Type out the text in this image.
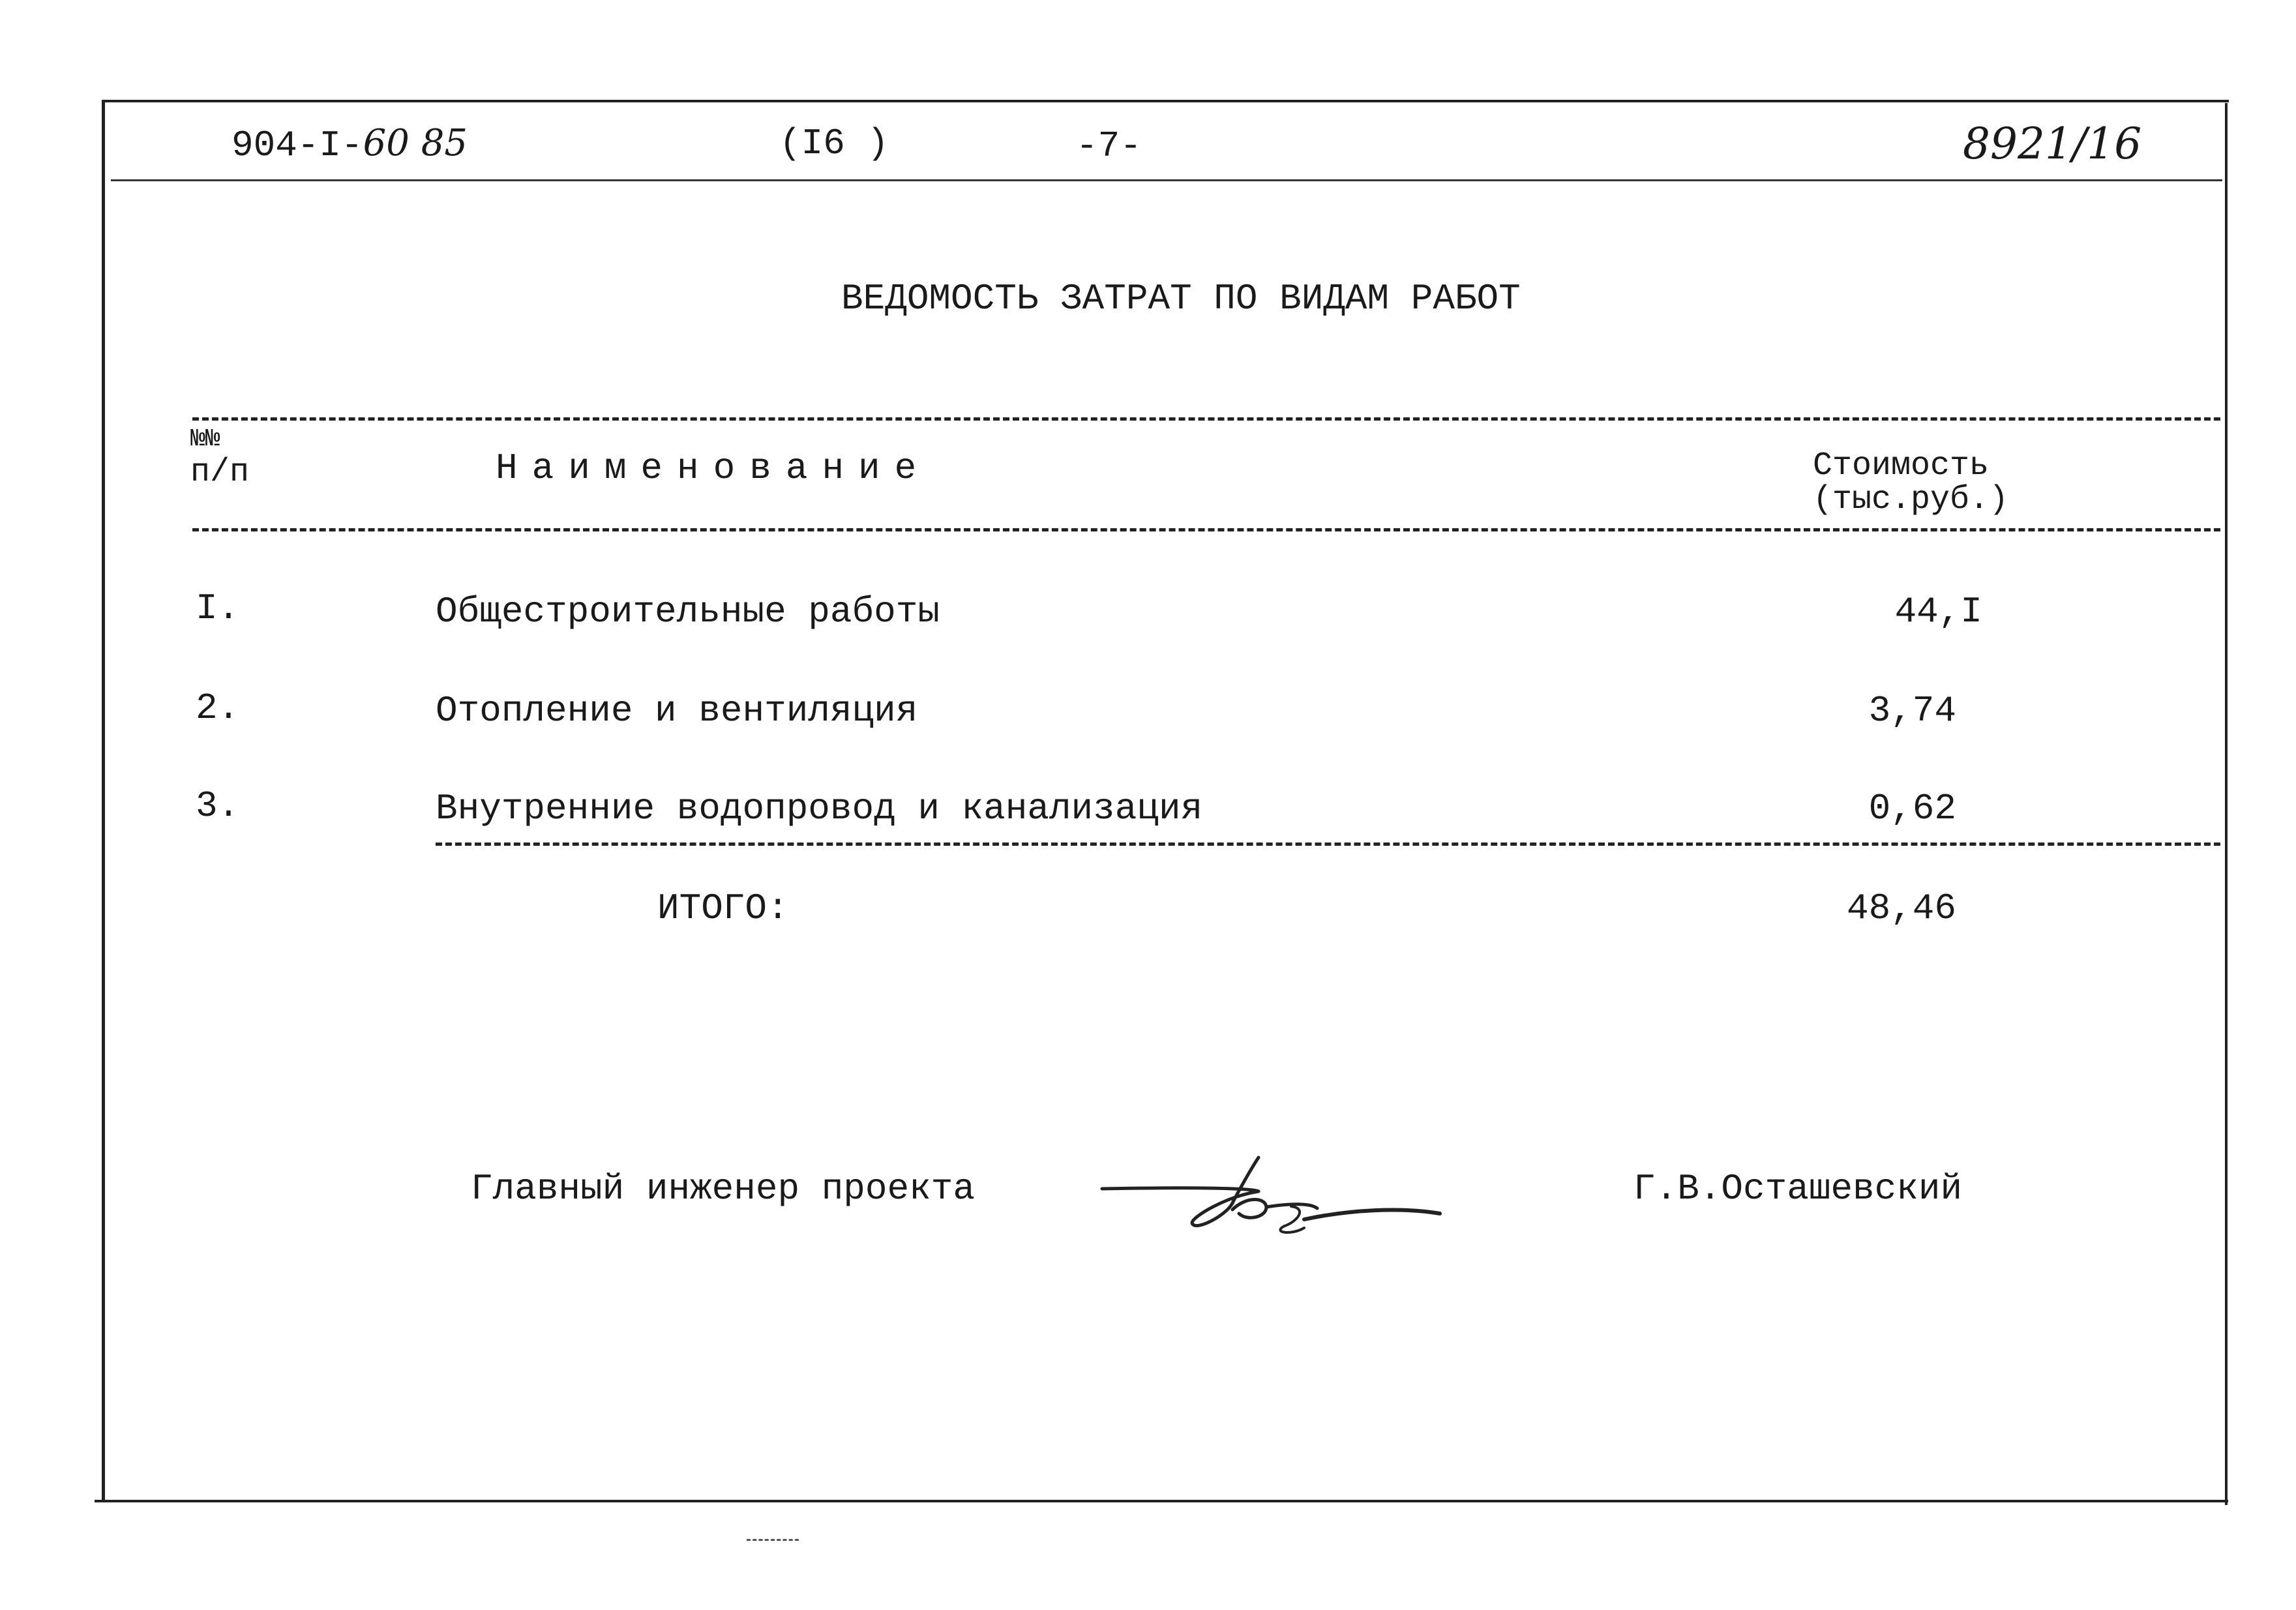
904-I-60 85	(I6 )	-7-	8921/16
ВЕДОМОСТЬ ЗАТРАТ ПО ВИДАМ РАБОТ
№№
п/п	Наименование	Стоимость
(тыс.руб.)
I.	Общестроительные работы	44,I
2.	Отопление и вентиляция	3,74
3.	Внутренние водопровод и канализация	0,62
ИТОГО:	48,46
Главный инженер проекта	Г.В.Осташевский
